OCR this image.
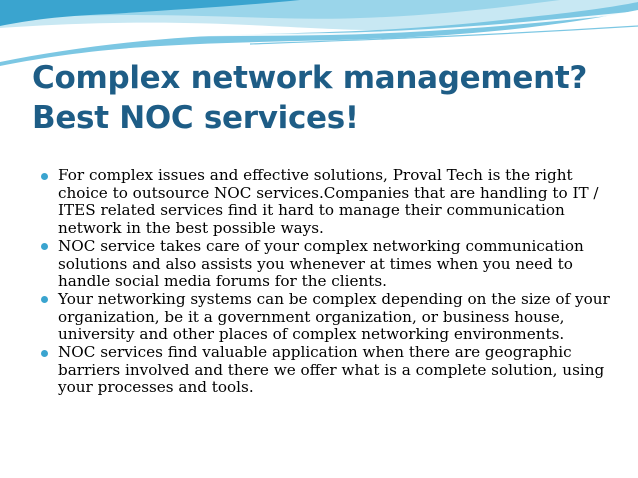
Complex network management?
Best NOC services!
For complex issues and effective solutions, Proval Tech is the right choice to outsource NOC services.Companies that are handling to IT / ITES related services find it hard to manage their communication network in the best possible ways.
NOC service takes care of your complex networking communication solutions and also assists you whenever at times when you need to handle social media forums for the clients.
Your networking systems can be complex depending on the size of your organization, be it a government organization, or business house, university and other places of complex networking environments.
NOC services find valuable application when there are geographic barriers involved and there we offer what is a complete solution, using your processes and tools.
